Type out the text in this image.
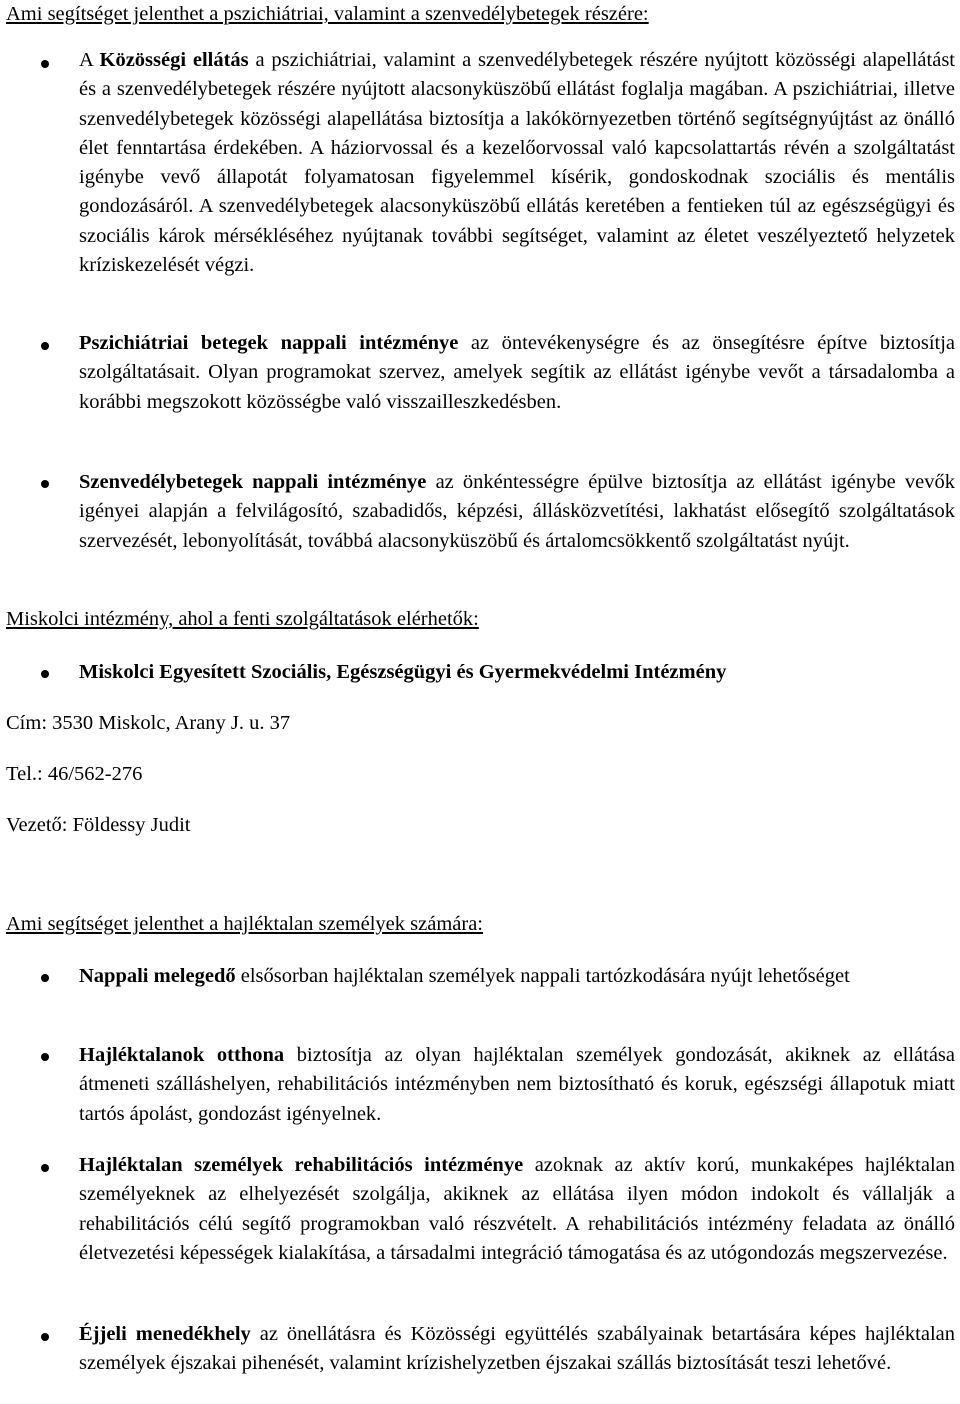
Ami segítséget jelenthet a pszichiátriai, valamint a szenvedélybetegek részére:
A Közösségi ellátás a pszichiátriai, valamint a szenvedélybetegek részére nyújtott közösségi alapellátást és a szenvedélybetegek részére nyújtott alacsonyküszöbű ellátást foglalja magában. A pszichiátriai, illetve szenvedélybetegek közösségi alapellátása biztosítja a lakókörnyezetben történő segítségnyújtást az önálló élet fenntartása érdekében. A háziorvossal és a kezelőorvossal való kapcsolattartás révén a szolgáltatást igénybe vevő állapotát folyamatosan figyelemmel kísérik, gondoskodnak szociális és mentális gondozásáról. A szenvedélybetegek alacsonyküszöbű ellátás keretében a fentieken túl az egészségügyi és szociális károk mérsékléséhez nyújtanak további segítséget, valamint az életet veszélyeztető helyzetek kríziskezelését végzi.
Pszichiátriai betegek nappali intézménye az öntevékenységre és az önsegítésre építve biztosítja szolgáltatásait. Olyan programokat szervez, amelyek segítik az ellátást igénybe vevőt a társadalomba a korábbi megszokott közösségbe való visszailleszkedésben.
Szenvedélybetegek nappali intézménye az önkéntességre épülve biztosítja az ellátást igénybe vevők igényei alapján a felvilágosító, szabadidős, képzési, állásközvetítési, lakhatást elősegítő szolgáltatások szervezését, lebonyolítását, továbbá alacsonyküszöbű és ártalomcsökkentő szolgáltatást nyújt.
Miskolci intézmény, ahol a fenti szolgáltatások elérhetők:
Miskolci Egyesített Szociális, Egészségügyi és Gyermekvédelmi Intézmény
Cím: 3530 Miskolc, Arany J. u. 37
Tel.: 46/562-276
Vezető: Földessy Judit
Ami segítséget jelenthet a hajléktalan személyek számára:
Nappali melegedő elsősorban hajléktalan személyek nappali tartózkodására nyújt lehetőséget
Hajléktalanok otthona biztosítja az olyan hajléktalan személyek gondozását, akiknek az ellátása átmeneti szálláshelyen, rehabilitációs intézményben nem biztosítható és koruk, egészségi állapotuk miatt tartós ápolást, gondozást igényelnek.
Hajléktalan személyek rehabilitációs intézménye azoknak az aktív korú, munkaképes hajléktalan személyeknek az elhelyezését szolgálja, akiknek az ellátása ilyen módon indokolt és vállalják a rehabilitációs célú segítő programokban való részvételt. A rehabilitációs intézmény feladata az önálló életvezetési képességek kialakítása, a társadalmi integráció támogatása és az utógondozás megszervezése.
Éjjeli menedékhely az önellátásra és Közösségi együttélés szabályainak betartására képes hajléktalan személyek éjszakai pihenését, valamint krízishelyzetben éjszakai szállás biztosítását teszi lehetővé.
